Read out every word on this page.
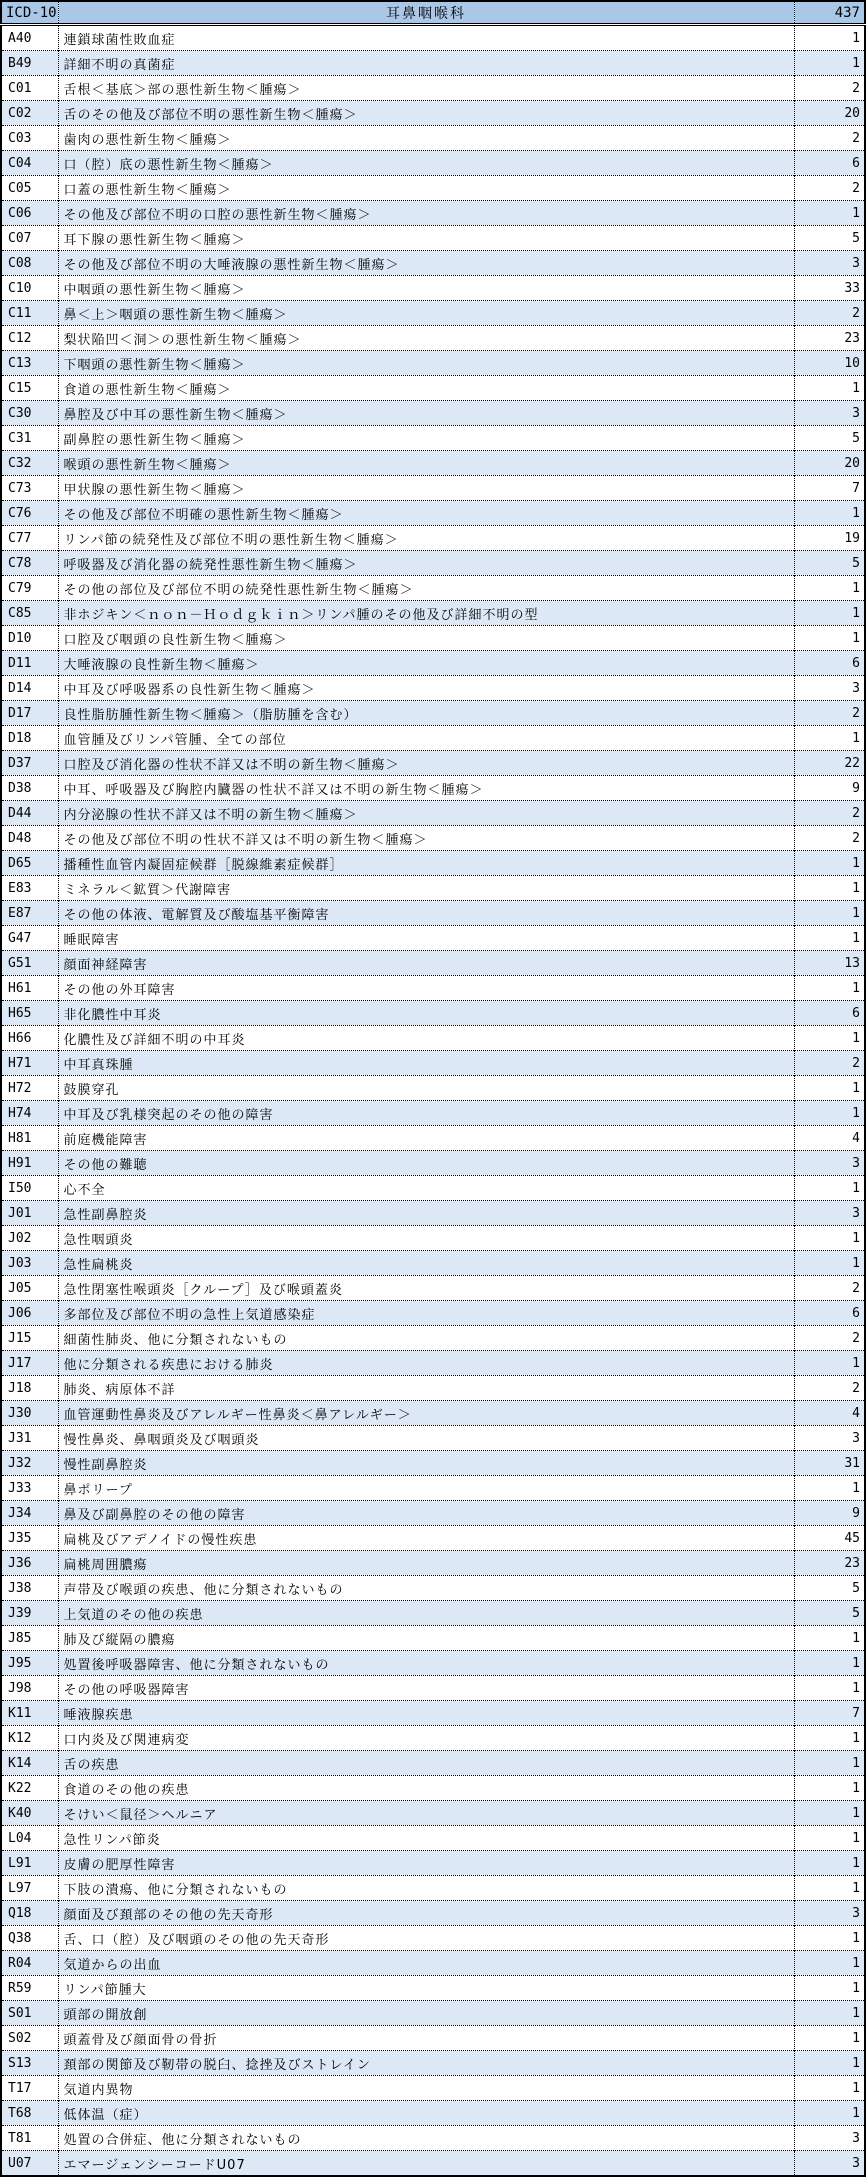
ICD-10	耳鼻咽喉科	437
A40	連鎖球菌性敗血症	1
B49	詳細不明の真菌症	1
C01	舌根＜基底＞部の悪性新生物＜腫瘍＞	2
C02	舌のその他及び部位不明の悪性新生物＜腫瘍＞	20
C03	歯肉の悪性新生物＜腫瘍＞	2
C04	口（腔）底の悪性新生物＜腫瘍＞	6
C05	口蓋の悪性新生物＜腫瘍＞	2
C06	その他及び部位不明の口腔の悪性新生物＜腫瘍＞	1
C07	耳下腺の悪性新生物＜腫瘍＞	5
C08	その他及び部位不明の大唾液腺の悪性新生物＜腫瘍＞	3
C10	中咽頭の悪性新生物＜腫瘍＞	33
C11	鼻＜上＞咽頭の悪性新生物＜腫瘍＞	2
C12	梨状陥凹＜洞＞の悪性新生物＜腫瘍＞	23
C13	下咽頭の悪性新生物＜腫瘍＞	10
C15	食道の悪性新生物＜腫瘍＞	1
C30	鼻腔及び中耳の悪性新生物＜腫瘍＞	3
C31	副鼻腔の悪性新生物＜腫瘍＞	5
C32	喉頭の悪性新生物＜腫瘍＞	20
C73	甲状腺の悪性新生物＜腫瘍＞	7
C76	その他及び部位不明確の悪性新生物＜腫瘍＞	1
C77	リンパ節の続発性及び部位不明の悪性新生物＜腫瘍＞	19
C78	呼吸器及び消化器の続発性悪性新生物＜腫瘍＞	5
C79	その他の部位及び部位不明の続発性悪性新生物＜腫瘍＞	1
C85	非ホジキン＜ｎｏｎ－Ｈｏｄｇｋｉｎ＞リンパ腫のその他及び詳細不明の型	1
D10	口腔及び咽頭の良性新生物＜腫瘍＞	1
D11	大唾液腺の良性新生物＜腫瘍＞	6
D14	中耳及び呼吸器系の良性新生物＜腫瘍＞	3
D17	良性脂肪腫性新生物＜腫瘍＞（脂肪腫を含む）	2
D18	血管腫及びリンパ管腫、全ての部位	1
D37	口腔及び消化器の性状不詳又は不明の新生物＜腫瘍＞	22
D38	中耳、呼吸器及び胸腔内臓器の性状不詳又は不明の新生物＜腫瘍＞	9
D44	内分泌腺の性状不詳又は不明の新生物＜腫瘍＞	2
D48	その他及び部位不明の性状不詳又は不明の新生物＜腫瘍＞	2
D65	播種性血管内凝固症候群［脱線維素症候群］	1
E83	ミネラル＜鉱質＞代謝障害	1
E87	その他の体液、電解質及び酸塩基平衡障害	1
G47	睡眠障害	1
G51	顔面神経障害	13
H61	その他の外耳障害	1
H65	非化膿性中耳炎	6
H66	化膿性及び詳細不明の中耳炎	1
H71	中耳真珠腫	2
H72	鼓膜穿孔	1
H74	中耳及び乳様突起のその他の障害	1
H81	前庭機能障害	4
H91	その他の難聴	3
I50	心不全	1
J01	急性副鼻腔炎	3
J02	急性咽頭炎	1
J03	急性扁桃炎	1
J05	急性閉塞性喉頭炎［クループ］及び喉頭蓋炎	2
J06	多部位及び部位不明の急性上気道感染症	6
J15	細菌性肺炎、他に分類されないもの	2
J17	他に分類される疾患における肺炎	1
J18	肺炎、病原体不詳	2
J30	血管運動性鼻炎及びアレルギー性鼻炎＜鼻アレルギー＞	4
J31	慢性鼻炎、鼻咽頭炎及び咽頭炎	3
J32	慢性副鼻腔炎	31
J33	鼻ポリープ	1
J34	鼻及び副鼻腔のその他の障害	9
J35	扁桃及びアデノイドの慢性疾患	45
J36	扁桃周囲膿瘍	23
J38	声帯及び喉頭の疾患、他に分類されないもの	5
J39	上気道のその他の疾患	5
J85	肺及び縦隔の膿瘍	1
J95	処置後呼吸器障害、他に分類されないもの	1
J98	その他の呼吸器障害	1
K11	唾液腺疾患	7
K12	口内炎及び関連病変	1
K14	舌の疾患	1
K22	食道のその他の疾患	1
K40	そけい＜鼠径＞ヘルニア	1
L04	急性リンパ節炎	1
L91	皮膚の肥厚性障害	1
L97	下肢の潰瘍、他に分類されないもの	1
Q18	顔面及び頚部のその他の先天奇形	3
Q38	舌、口（腔）及び咽頭のその他の先天奇形	1
R04	気道からの出血	1
R59	リンパ節腫大	1
S01	頭部の開放創	1
S02	頭蓋骨及び顔面骨の骨折	1
S13	頚部の関節及び靭帯の脱臼、捻挫及びストレイン	1
T17	気道内異物	1
T68	低体温（症）	1
T81	処置の合併症、他に分類されないもの	3
U07	エマージェンシーコードU07	3
